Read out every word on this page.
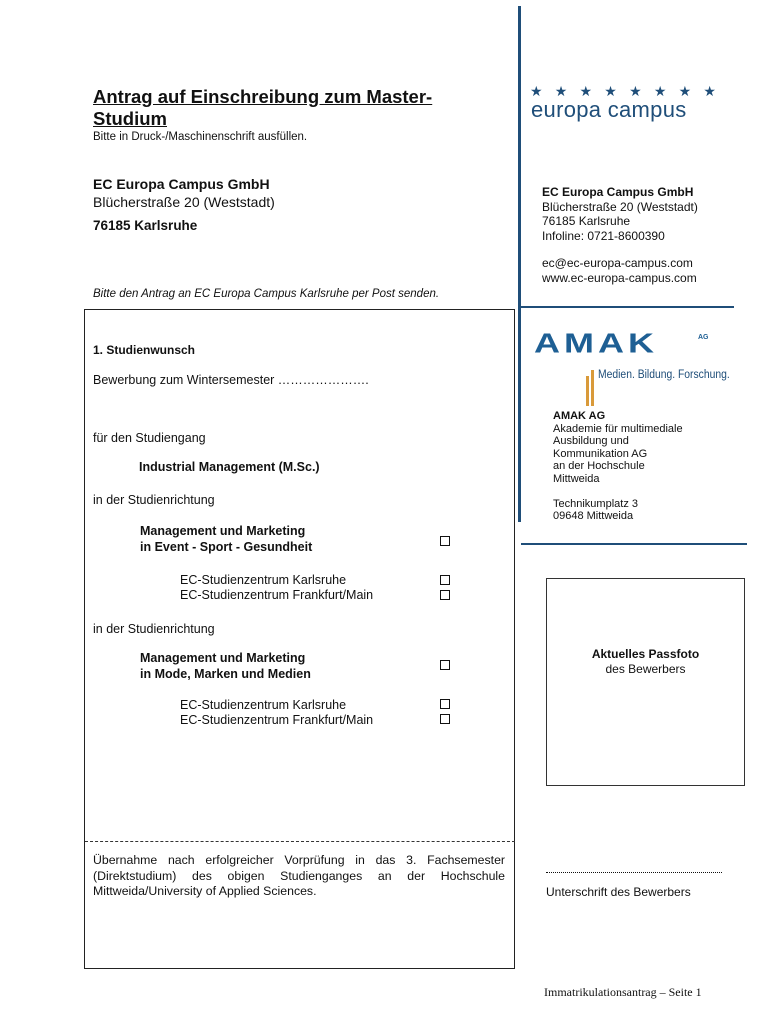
Antrag auf Einschreibung zum Master-Studium
Bitte in Druck-/Maschinenschrift ausfüllen.
EC Europa Campus GmbH
Blücherstraße 20 (Weststadt)
76185 Karlsruhe
Bitte den Antrag an EC Europa Campus Karlsruhe per Post senden.
★ ★ ★ ★ ★ ★ ★ ★
europa campus
EC Europa Campus GmbH
Blücherstraße 20 (Weststadt)
76185 Karlsruhe
Infoline: 0721-8600390
ec@ec-europa-campus.com
www.ec-europa-campus.com
AMAK	AG
Medien. Bildung. Forschung.
AMAK AG
Akademie für multimediale
Ausbildung und
Kommunikation AG
an der Hochschule
Mittweida
Technikumplatz 3
09648 Mittweida
1. Studienwunsch
Bewerbung zum Wintersemester ………………….
für den Studiengang
Industrial Management (M.Sc.)
in der Studienrichtung
Management und Marketing
in Event - Sport - Gesundheit
EC-Studienzentrum Karlsruhe
EC-Studienzentrum Frankfurt/Main
in der Studienrichtung
Management und Marketing
in Mode, Marken und Medien
EC-Studienzentrum Karlsruhe
EC-Studienzentrum Frankfurt/Main
Übernahme nach erfolgreicher Vorprüfung in das 3. Fachsemester (Direktstudium) des obigen Studienganges an der Hochschule Mittweida/University of Applied Sciences.
Aktuelles Passfoto
des Bewerbers
Unterschrift des Bewerbers
Immatrikulationsantrag – Seite 1
